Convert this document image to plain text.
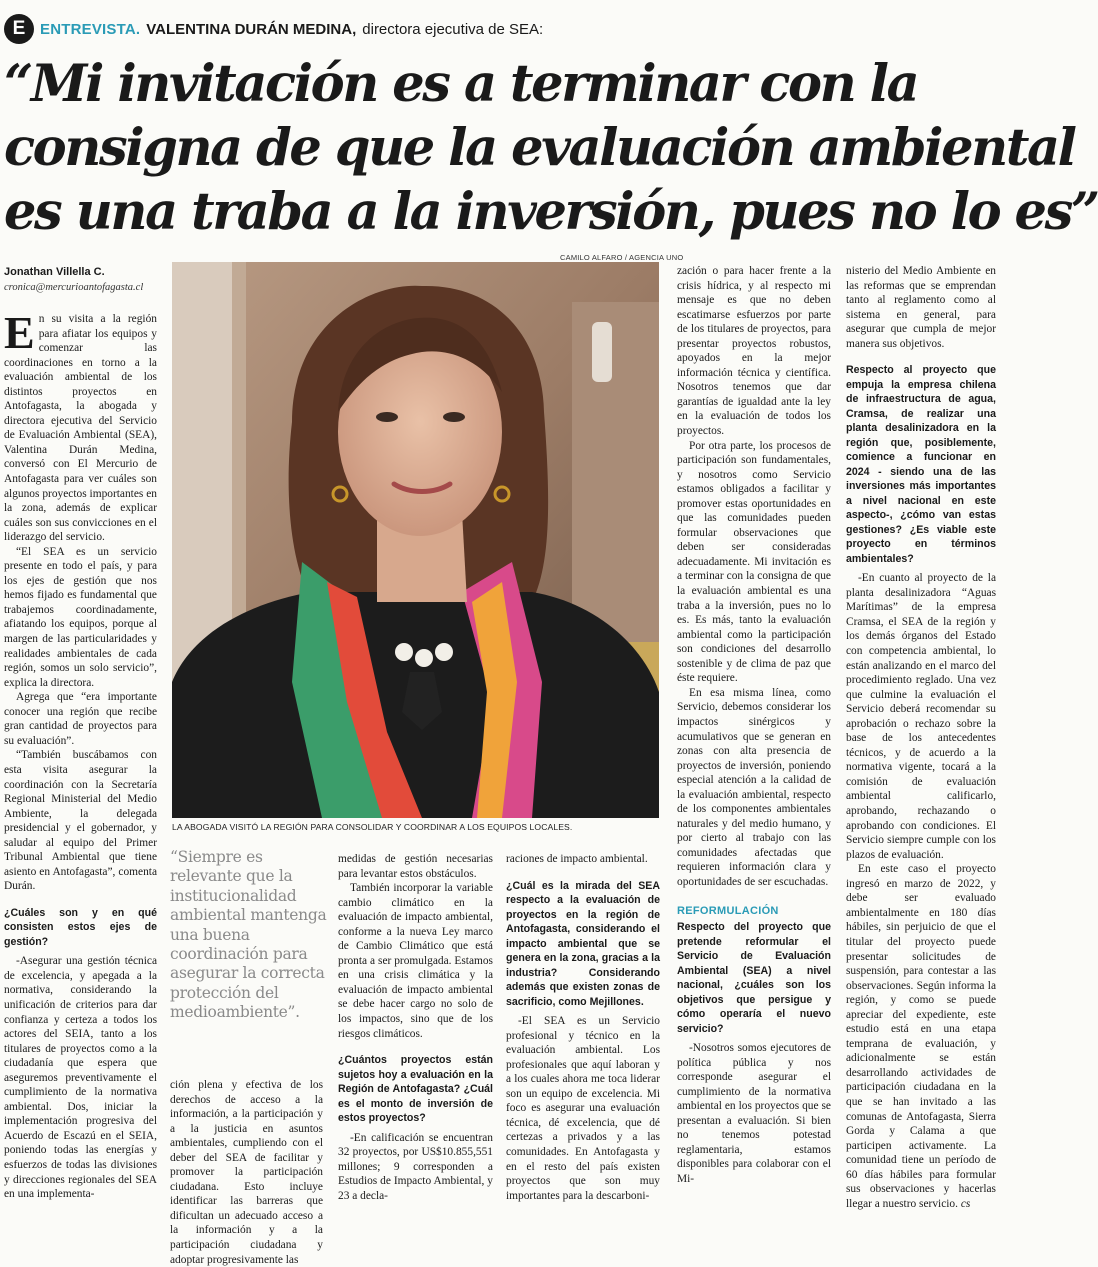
E ENTREVISTA. VALENTINA DURÁN MEDINA, directora ejecutiva de SEA:
“Mi invitación es a terminar con la
consigna de que la evaluación ambiental
es una traba a la inversión, pues no lo es”
CAMILO ALFARO / AGENCIA UNO
Jonathan Villella C.
cronica@mercurioantofagasta.cl

En su visita a la región para afiatar los equipos y comenzar las coordinaciones en torno a la evaluación ambiental de los distintos proyectos en Antofagasta, la abogada y directora ejecutiva del Servicio de Evaluación Ambiental (SEA), Valentina Durán Medina, conversó con El Mercurio de Antofagasta para ver cuáles son algunos proyectos importantes en la zona, además de explicar cuáles son sus convicciones en el liderazgo del servicio.

“El SEA es un servicio presente en todo el país, y para los ejes de gestión que nos hemos fijado es fundamental que trabajemos coordinadamente, afiatando los equipos, porque al margen de las particularidades y realidades ambientales de cada región, somos un solo servicio”, explica la directora.

Agrega que “era importante conocer una región que recibe gran cantidad de proyectos para su evaluación”.

“También buscábamos con esta visita asegurar la coordinación con la Secretaría Regional Ministerial del Medio Ambiente, la delegada presidencial y el gobernador, y saludar al equipo del Primer Tribunal Ambiental que tiene asiento en Antofagasta”, comenta Durán.

¿Cuáles son y en qué consisten estos ejes de gestión?

-Asegurar una gestión técnica de excelencia, y apegada a la normativa, considerando la unificación de criterios para dar confianza y certeza a todos los actores del SEIA, tanto a los titulares de proyectos como a la ciudadanía que espera que aseguremos preventivamente el cumplimiento de la normativa ambiental. Dos, iniciar la implementación progresiva del Acuerdo de Escazú en el SEIA, poniendo todas las energías y esfuerzos de todas las divisiones y direcciones regionales del SEA en una implementa-

LA ABOGADA VISITÓ LA REGIÓN PARA CONSOLIDAR Y COORDINAR A LOS EQUIPOS LOCALES.
“Siempre es relevante que la institucionalidad ambiental mantenga una buena coordinación para asegurar la correcta protección del medioambiente”.

ción plena y efectiva de los derechos de acceso a la información, a la participación y a la justicia en asuntos ambientales, cumpliendo con el deber del SEA de facilitar y promover la participación ciudadana. Esto incluye identificar las barreras que dificultan un adecuado acceso a la información y a la participación ciudadana y adoptar progresivamente las

medidas de gestión necesarias para levantar estos obstáculos.

También incorporar la variable cambio climático en la evaluación de impacto ambiental, conforme a la nueva Ley marco de Cambio Climático que está pronta a ser promulgada. Estamos en una crisis climática y la evaluación de impacto ambiental se debe hacer cargo no solo de los impactos, sino que de los riesgos climáticos.

¿Cuántos proyectos están sujetos hoy a evaluación en la Región de Antofagasta? ¿Cuál es el monto de inversión de estos proyectos?

-En calificación se encuentran 32 proyectos, por US$10.855,551 millones; 9 corresponden a Estudios de Impacto Ambiental, y 23 a decla-

raciones de impacto ambiental.

¿Cuál es la mirada del SEA respecto a la evaluación de proyectos en la región de Antofagasta, considerando el impacto ambiental que se genera en la zona, gracias a la industria? Considerando además que existen zonas de sacrificio, como Mejillones.

-El SEA es un Servicio profesional y técnico en la evaluación ambiental. Los profesionales que aquí laboran y a los cuales ahora me toca liderar son un equipo de excelencia. Mi foco es asegurar una evaluación técnica, dé excelencia, que dé certezas a privados y a las comunidades. En Antofagasta y en el resto del país existen proyectos que son muy importantes para la descarboni-

zación o para hacer frente a la crisis hídrica, y al respecto mi mensaje es que no deben escatimarse esfuerzos por parte de los titulares de proyectos, para presentar proyectos robustos, apoyados en la mejor información técnica y científica. Nosotros tenemos que dar garantías de igualdad ante la ley en la evaluación de todos los proyectos.

Por otra parte, los procesos de participación son fundamentales, y nosotros como Servicio estamos obligados a facilitar y promover estas oportunidades en que las comunidades pueden formular observaciones que deben ser consideradas adecuadamente. Mi invitación es a terminar con la consigna de que la evaluación ambiental es una traba a la inversión, pues no lo es. Es más, tanto la evaluación ambiental como la participación son condiciones del desarrollo sostenible y de clima de paz que éste requiere.

En esa misma línea, como Servicio, debemos considerar los impactos sinérgicos y acumulativos que se generan en zonas con alta presencia de proyectos de inversión, poniendo especial atención a la calidad de la evaluación ambiental, respecto de los componentes ambientales naturales y del medio humano, y por cierto al trabajo con las comunidades afectadas que requieren información clara y oportunidades de ser escuchadas.

REFORMULACIÓN

Respecto del proyecto que pretende reformular el Servicio de Evaluación Ambiental (SEA) a nivel nacional, ¿cuáles son los objetivos que persigue y cómo operaría el nuevo servicio?

-Nosotros somos ejecutores de política pública y nos corresponde asegurar el cumplimiento de la normativa ambiental en los proyectos que se presentan a evaluación. Si bien no tenemos potestad reglamentaria, estamos disponibles para colaborar con el Mi-

nisterio del Medio Ambiente en las reformas que se emprendan tanto al reglamento como al sistema en general, para asegurar que cumpla de mejor manera sus objetivos.

Respecto al proyecto que empuja la empresa chilena de infraestructura de agua, Cramsa, de realizar una planta desalinizadora en la región que, posiblemente, comience a funcionar en 2024 - siendo una de las inversiones más importantes a nivel nacional en este aspecto-, ¿cómo van estas gestiones? ¿Es viable este proyecto en términos ambientales?

-En cuanto al proyecto de la planta desalinizadora “Aguas Marítimas” de la empresa Cramsa, el SEA de la región y los demás órganos del Estado con competencia ambiental, lo están analizando en el marco del procedimiento reglado. Una vez que culmine la evaluación el Servicio deberá recomendar su aprobación o rechazo sobre la base de los antecedentes técnicos, y de acuerdo a la normativa vigente, tocará a la comisión de evaluación ambiental calificarlo, aprobando, rechazando o aprobando con condiciones. El Servicio siempre cumple con los plazos de evaluación.

En este caso el proyecto ingresó en marzo de 2022, y debe ser evaluado ambientalmente en 180 días hábiles, sin perjuicio de que el titular del proyecto puede presentar solicitudes de suspensión, para contestar a las observaciones. Según informa la región, y como se puede apreciar del expediente, este estudio está en una etapa temprana de evaluación, y adicionalmente se están desarrollando actividades de participación ciudadana en la que se han invitado a las comunas de Antofagasta, Sierra Gorda y Calama a que participen activamente. La comunidad tiene un período de 60 días hábiles para formular sus observaciones y hacerlas llegar a nuestro servicio. cs
